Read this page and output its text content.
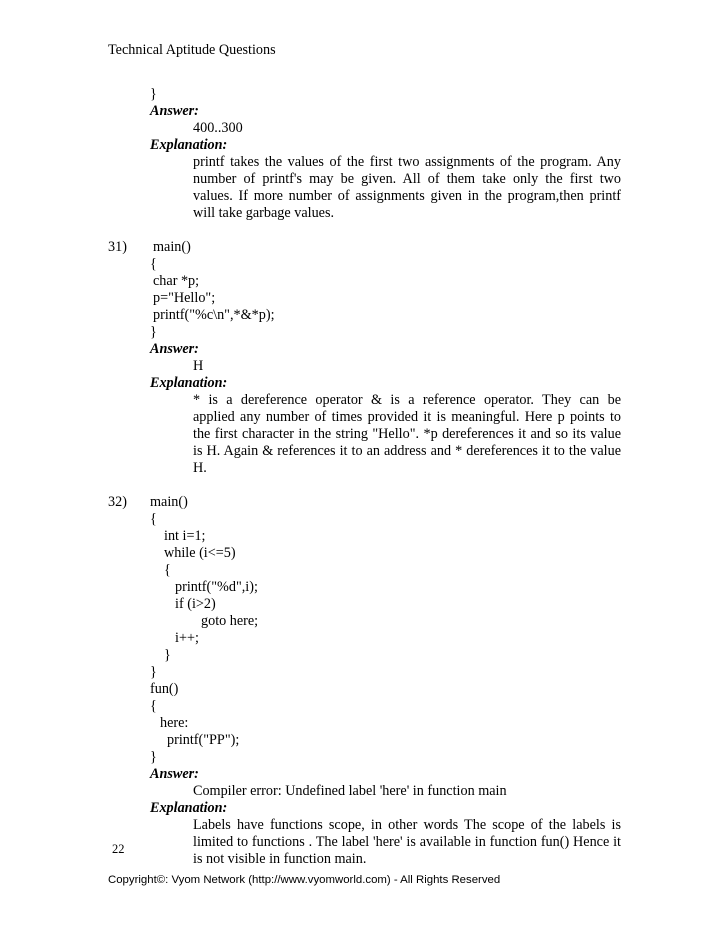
Technical Aptitude Questions
}
Answer:
400..300
Explanation:
printf takes the values of the first two assignments of the program. Any
number of printf's may be given. All of them take only the first two
values. If more number of assignments given in the program,then printf
will take garbage values.
31) main()
{
char *p;
p="Hello";
printf("%c\n",*&*p);
}
Answer:
H
Explanation:
* is a dereference operator & is a reference operator. They can be
applied any number of times provided it is meaningful. Here p points to
the first character in the string "Hello". *p dereferences it and so its value
is H. Again & references it to an address and * dereferences it to the value
H.
32) main()
{
int i=1;
while (i<=5)
{
printf("%d",i);
if (i>2)
goto here;
i++;
}
}
fun()
{
here:
printf("PP");
}
Answer:
Compiler error: Undefined label 'here' in function main
Explanation:
Labels have functions scope, in other words The scope of the labels is
limited to functions . The label 'here' is available in function fun() Hence it
is not visible in function main.
22
Copyright©: Vyom Network (http://www.vyomworld.com) - All Rights Reserved
